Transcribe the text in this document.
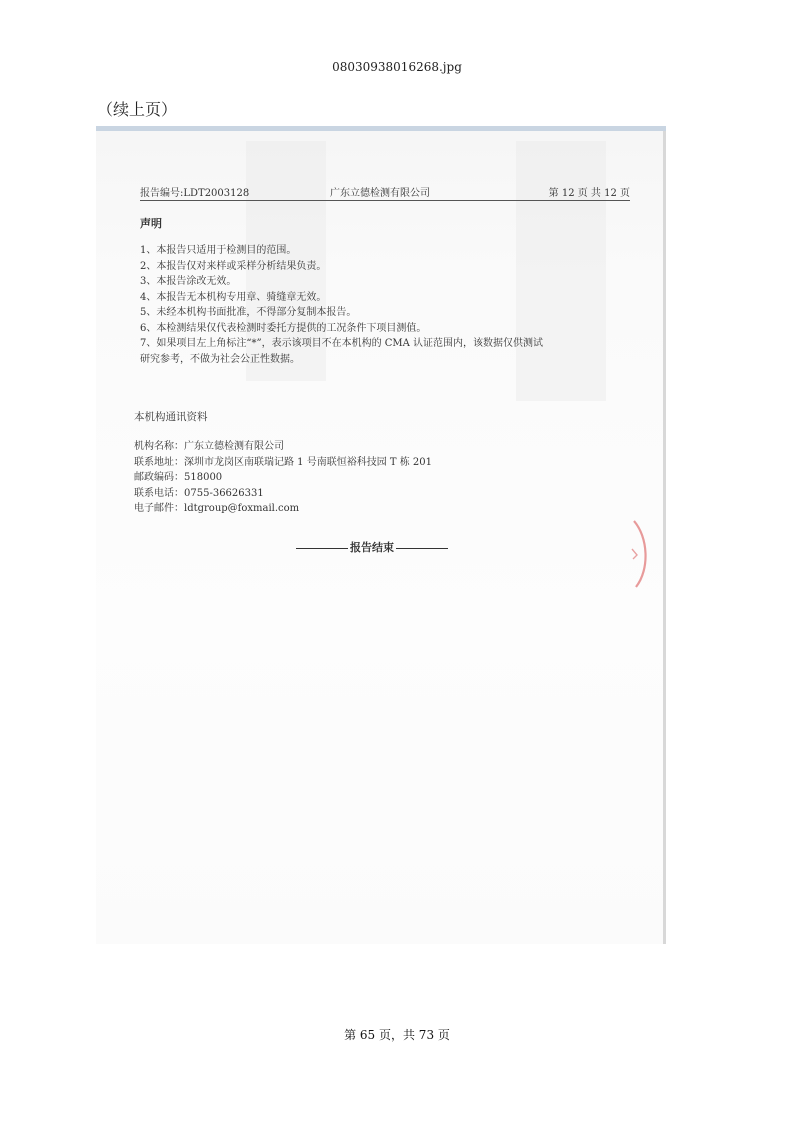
08030938016268.jpg
（续上页）
报告编号:LDT2003128	广东立德检测有限公司	第 12 页 共 12 页
声明
1、本报告只适用于检测目的范围。
2、本报告仅对来样或采样分析结果负责。
3、本报告涂改无效。
4、本报告无本机构专用章、骑缝章无效。
5、未经本机构书面批准，不得部分复制本报告。
6、本检测结果仅代表检测时委托方提供的工况条件下项目测值。
7、如果项目左上角标注“*”，表示该项目不在本机构的 CMA 认证范围内，该数据仅供测试
研究参考，不做为社会公正性数据。
本机构通讯资料
机构名称：广东立德检测有限公司
联系地址：深圳市龙岗区南联瑞记路 1 号南联恒裕科技园 T 栋 201
邮政编码：518000
联系电话：0755-36626331
电子邮件：ldtgroup@foxmail.com
报告结束
第 65 页，共 73 页
